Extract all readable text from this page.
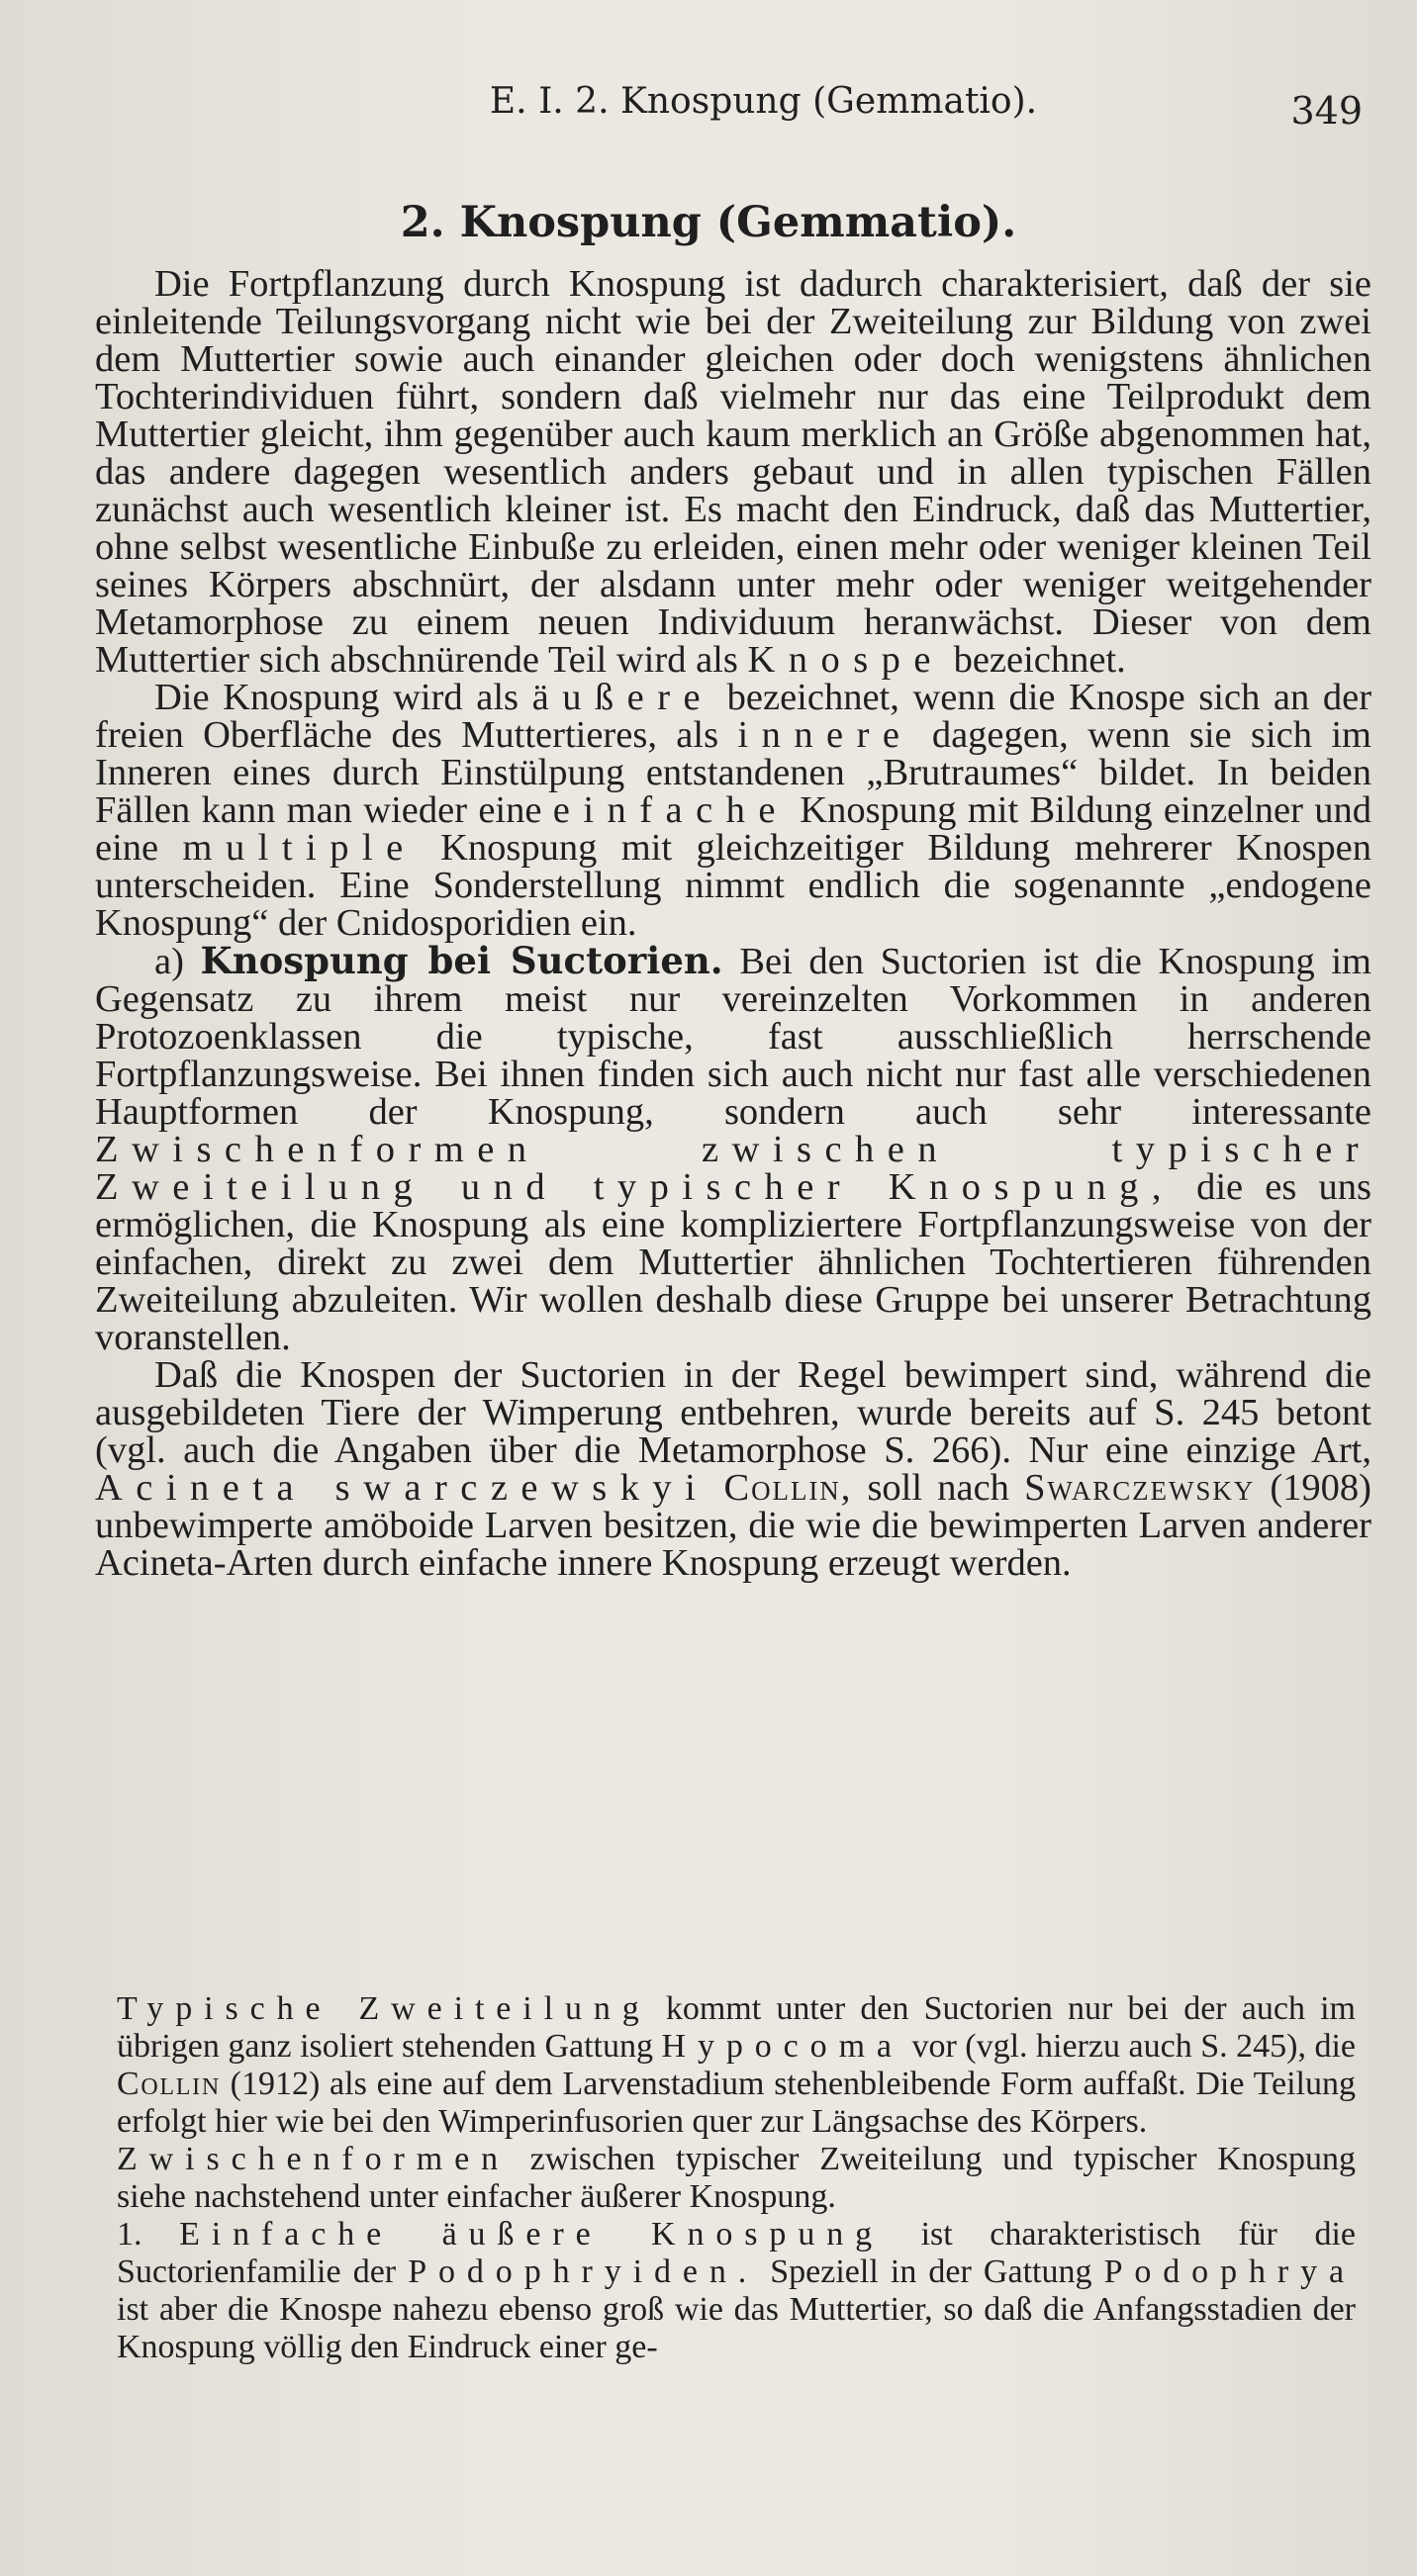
E. I. 2. Knospung (Gemmatio).	349
2. Knospung (Gemmatio).

Die Fortpflanzung durch Knospung ist dadurch charakterisiert, daß der sie einleitende Teilungsvorgang nicht wie bei der Zweiteilung zur Bildung von zwei dem Muttertier sowie auch einander gleichen oder doch wenigstens ähnlichen Tochterindividuen führt, sondern daß vielmehr nur das eine Teilprodukt dem Muttertier gleicht, ihm gegenüber auch kaum merklich an Größe abgenommen hat, das andere dagegen wesentlich anders gebaut und in allen typischen Fällen zunächst auch wesentlich kleiner ist. Es macht den Eindruck, daß das Muttertier, ohne selbst wesentliche Einbuße zu erleiden, einen mehr oder weniger kleinen Teil seines Körpers abschnürt, der alsdann unter mehr oder weniger weitgehender Metamorphose zu einem neuen Individuum heranwächst. Dieser von dem Muttertier sich abschnürende Teil wird als Knospe bezeichnet.

Die Knospung wird als äußere bezeichnet, wenn die Knospe sich an der freien Oberfläche des Muttertieres, als innere dagegen, wenn sie sich im Inneren eines durch Einstülpung entstandenen „Brutraumes“ bildet. In beiden Fällen kann man wieder eine einfache Knospung mit Bildung einzelner und eine multiple Knospung mit gleichzeitiger Bildung mehrerer Knospen unterscheiden. Eine Sonderstellung nimmt endlich die sogenannte „endogene Knospung“ der Cnidosporidien ein.

a) Knospung bei Suctorien. Bei den Suctorien ist die Knospung im Gegensatz zu ihrem meist nur vereinzelten Vorkommen in anderen Protozoenklassen die typische, fast ausschließlich herrschende Fortpflanzungsweise. Bei ihnen finden sich auch nicht nur fast alle verschiedenen Hauptformen der Knospung, sondern auch sehr interessante Zwischenformen zwischen typischer Zweiteilung und typischer Knospung, die es uns ermöglichen, die Knospung als eine kompliziertere Fortpflanzungsweise von der einfachen, direkt zu zwei dem Muttertier ähnlichen Tochtertieren führenden Zweiteilung abzuleiten. Wir wollen deshalb diese Gruppe bei unserer Betrachtung voranstellen.

Daß die Knospen der Suctorien in der Regel bewimpert sind, während die ausgebildeten Tiere der Wimperung entbehren, wurde bereits auf S. 245 betont (vgl. auch die Angaben über die Metamorphose S. 266). Nur eine einzige Art, Acineta swarczewskyi Collin, soll nach Swarczewsky (1908) unbewimperte amöboide Larven besitzen, die wie die bewimperten Larven anderer Acineta-Arten durch einfache innere Knospung erzeugt werden.

Typische Zweiteilung kommt unter den Suctorien nur bei der auch im übrigen ganz isoliert stehenden Gattung Hypocoma vor (vgl. hierzu auch S. 245), die Collin (1912) als eine auf dem Larvenstadium stehenbleibende Form auffaßt. Die Teilung erfolgt hier wie bei den Wimperinfusorien quer zur Längsachse des Körpers.

Zwischenformen zwischen typischer Zweiteilung und typischer Knospung siehe nachstehend unter einfacher äußerer Knospung.

1. Einfache äußere Knospung ist charakteristisch für die Suctorienfamilie der Podophryiden. Speziell in der Gattung Podophrya ist aber die Knospe nahezu ebenso groß wie das Muttertier, so daß die Anfangsstadien der Knospung völlig den Eindruck einer ge-
